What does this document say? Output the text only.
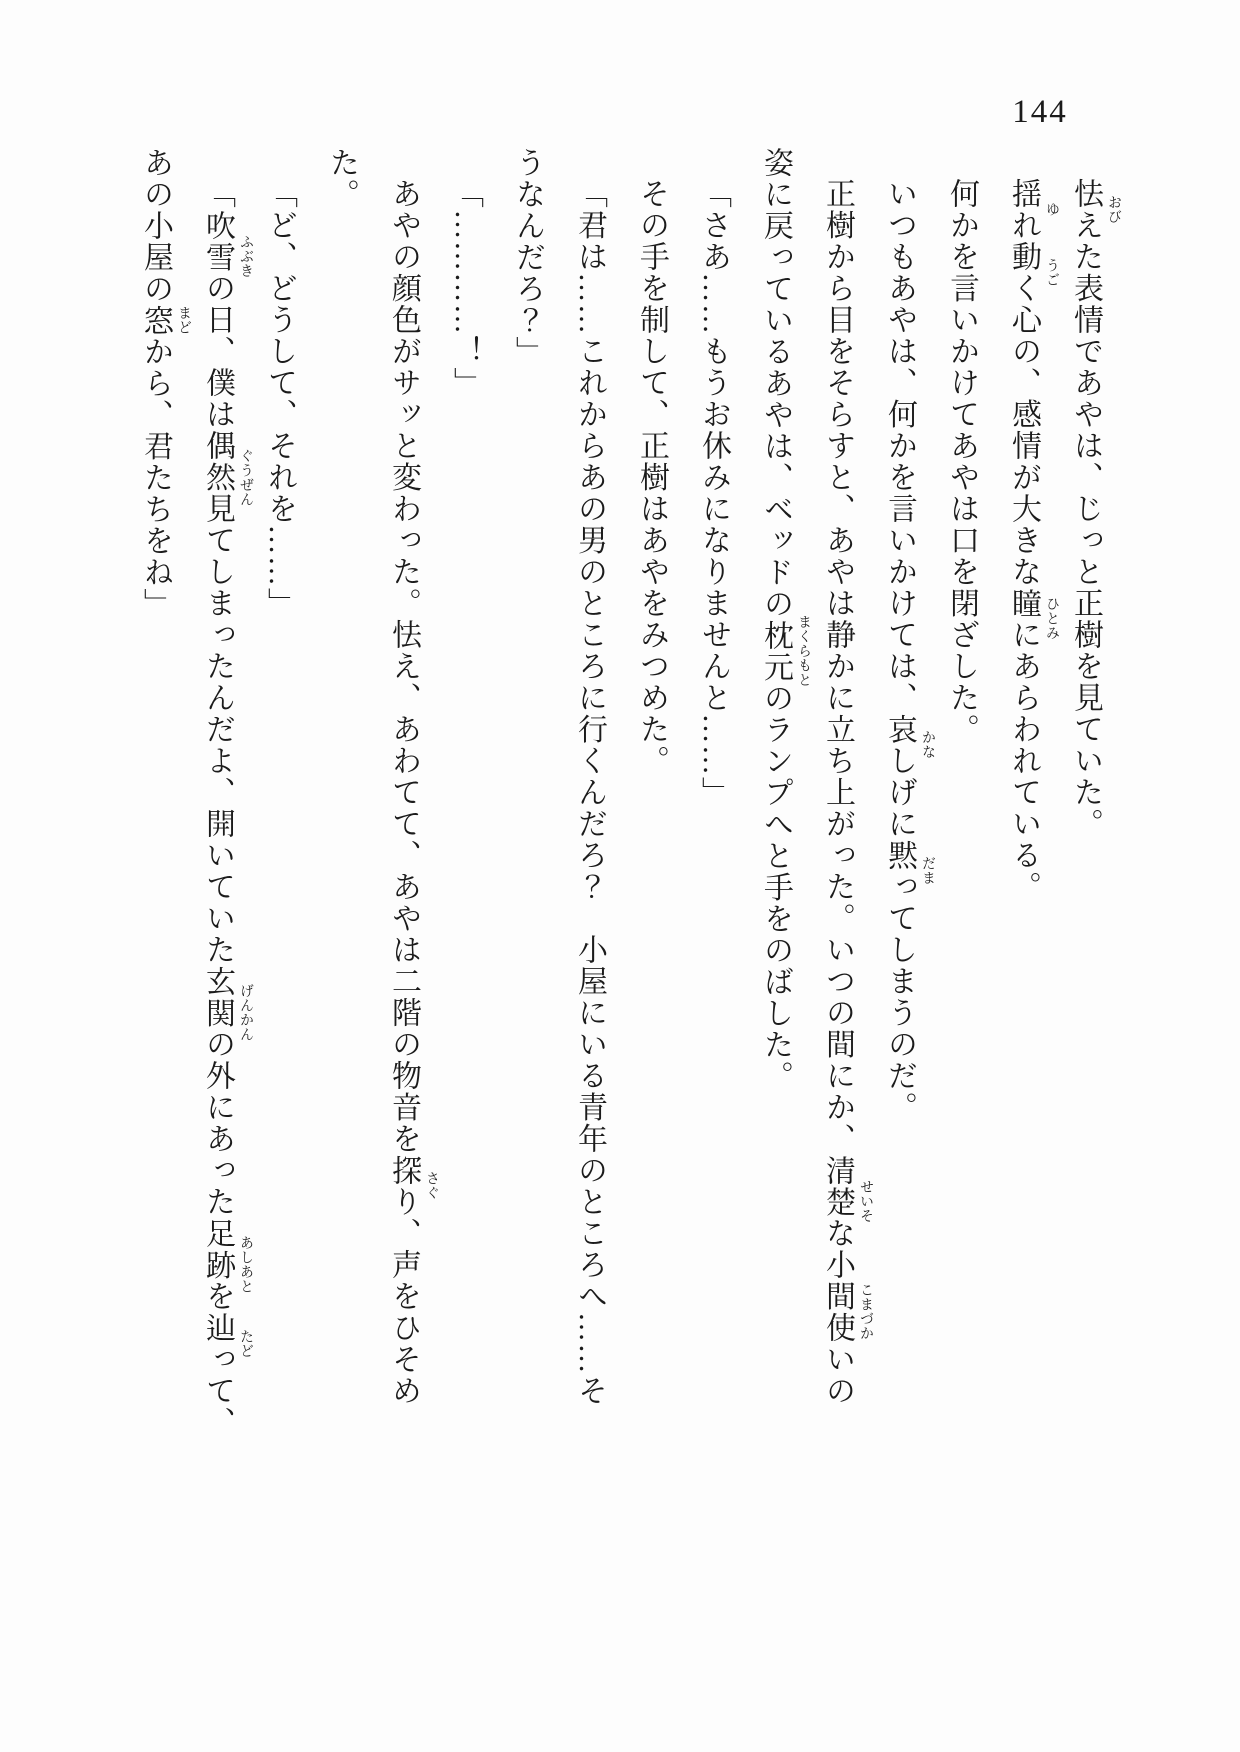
144
怯 おび
えた表情であやは、じっと正樹を見ていた。
揺 ゆ
れ動 うご
く心の、感情が大きな瞳 ひとみ
にあらわれている。
何かを言いかけてあやは口を閉ざした。
いつもあやは、何かを言いかけては、哀 かな
しげに黙 だま
ってしまうのだ。
正樹から目をそらすと、あやは静かに立ち上がった。いつの間にか、清楚 せいそ
な小間使 こまづか
いの
姿に戻っているあやは、ベッドの枕元 まくらもと
のランプへと手をのばした。
「さあ……もうお休みになりませんと……」
その手を制して、正樹はあやをみつめた。
「君は……これからあの男のところに行くんだろ？　小屋にいる青年のところへ……そ
うなんだろ？」
「…………！」
あやの顔色がサッと変わった。怯え、あわてて、あやは二階の物音を探 さぐ
り、声をひそめ
た。
「ど、どうして、それを……」
「吹雪 ふぶき
の日、僕は偶然 ぐうぜん
見てしまったんだよ、開いていた玄関 げんかん
の外にあった足跡 あしあと
を辿 たど
って、
あの小屋の窓 まど
から、君たちをね」
